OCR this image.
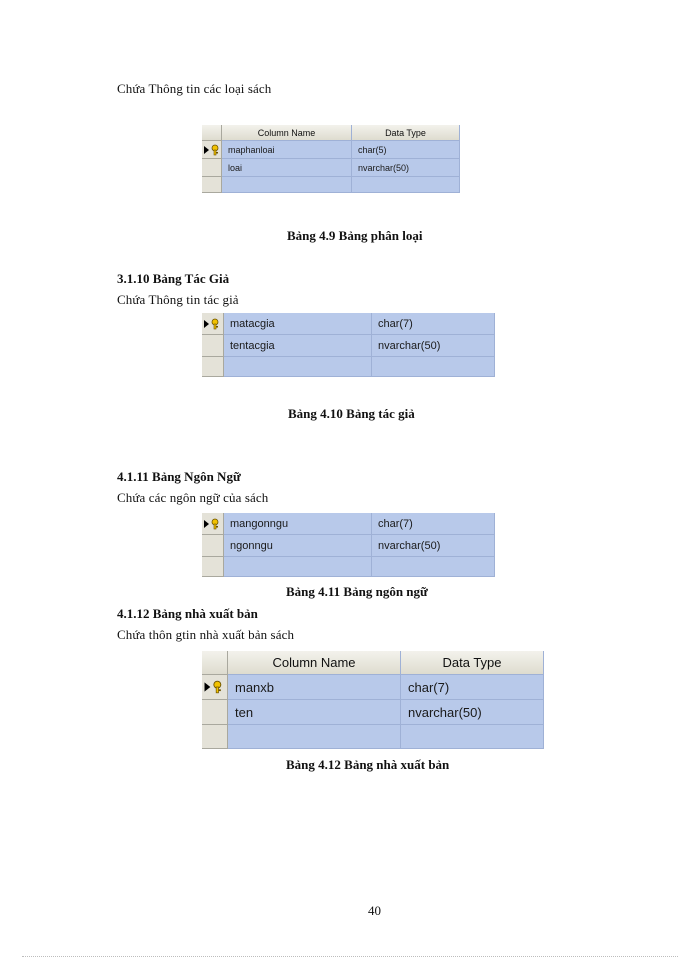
Chứa Thông tin các loại sách
Column Name	Data Type
maphanloai	char(5)
loai	nvarchar(50)
Bảng 4.9 Bảng phân loại
3.1.10 Bảng Tác Giả
Chứa Thông tin tác giả
matacgia	char(7)
tentacgia	nvarchar(50)
Bảng 4.10 Bảng tác giả
4.1.11 Bảng Ngôn Ngữ
Chứa các ngôn ngữ của sách
mangonngu	char(7)
ngonngu	nvarchar(50)
Bảng 4.11 Bảng ngôn ngữ
4.1.12 Bảng nhà xuất bản
Chứa thôn gtin nhà xuất bản sách
Column Name	Data Type
manxb	char(7)
ten	nvarchar(50)
Bảng 4.12 Bảng nhà xuất bản
40
